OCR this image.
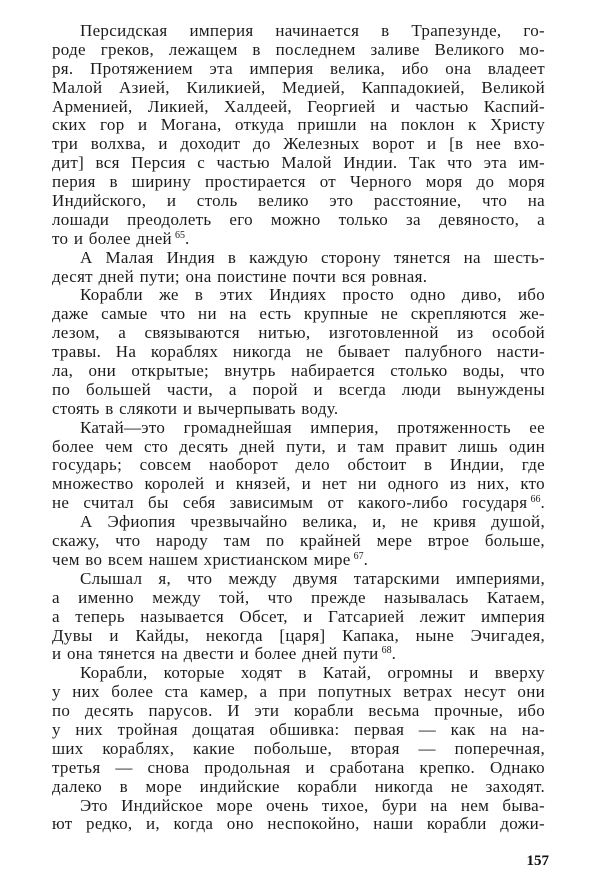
Персидская империя начинается в Трапезунде, го-
роде греков, лежащем в последнем заливе Великого мо-
ря. Протяжением эта империя велика, ибо она владеет
Малой Азией, Киликией, Медией, Каппадокией, Великой
Арменией, Ликией, Халдеей, Георгией и частью Каспий-
ских гор и Могана, откуда пришли на поклон к Христу
три волхва, и доходит до Железных ворот и [в нее вхо-
дит] вся Персия с частью Малой Индии. Так что эта им-
перия в ширину простирается от Черного моря до моря
Индийского, и столь велико это расстояние, что на
лошади преодолеть его можно только за девяносто, а
то и более дней $^{65}$.
А Малая Индия в каждую сторону тянется на шесть-
десят дней пути; она поистине почти вся ровная.
Корабли же в этих Индиях просто одно диво, ибо
даже самые что ни на есть крупные не скрепляются же-
лезом, а связываются нитью, изготовленной из особой
травы. На кораблях никогда не бывает палубного насти-
ла, они открытые; внутрь набирается столько воды, что
по большей части, а порой и всегда люди вынуждены
стоять в слякоти и вычерпывать воду.
Катай—это громаднейшая империя, протяженность ее
более чем сто десять дней пути, и там правит лишь один
государь; совсем наоборот дело обстоит в Индии, где
множество королей и князей, и нет ни одного из них, кто
не считал бы себя зависимым от какого-либо государя $^{66}$.
А Эфиопия чрезвычайно велика, и, не кривя душой,
скажу, что народу там по крайней мере втрое больше,
чем во всем нашем христианском мире $^{67}$.
Слышал я, что между двумя татарскими империями,
а именно между той, что прежде называлась Катаем,
а теперь называется Обсет, и Гатсарией лежит империя
Дувы и Кайды, некогда [царя] Капака, ныне Эчигадея,
и она тянется на двести и более дней пути $^{68}$.
Корабли, которые ходят в Катай, огромны и вверху
у них более ста камер, а при попутных ветрах несут они
по десять парусов. И эти корабли весьма прочные, ибо
у них тройная дощатая обшивка: первая — как на на-
ших кораблях, какие побольше, вторая — поперечная,
третья — снова продольная и сработана крепко. Однако
далеко в море индийские корабли никогда не заходят.
Это Индийское море очень тихое, бури на нем быва-
ют редко, и, когда оно неспокойно, наши корабли дожи-
157
